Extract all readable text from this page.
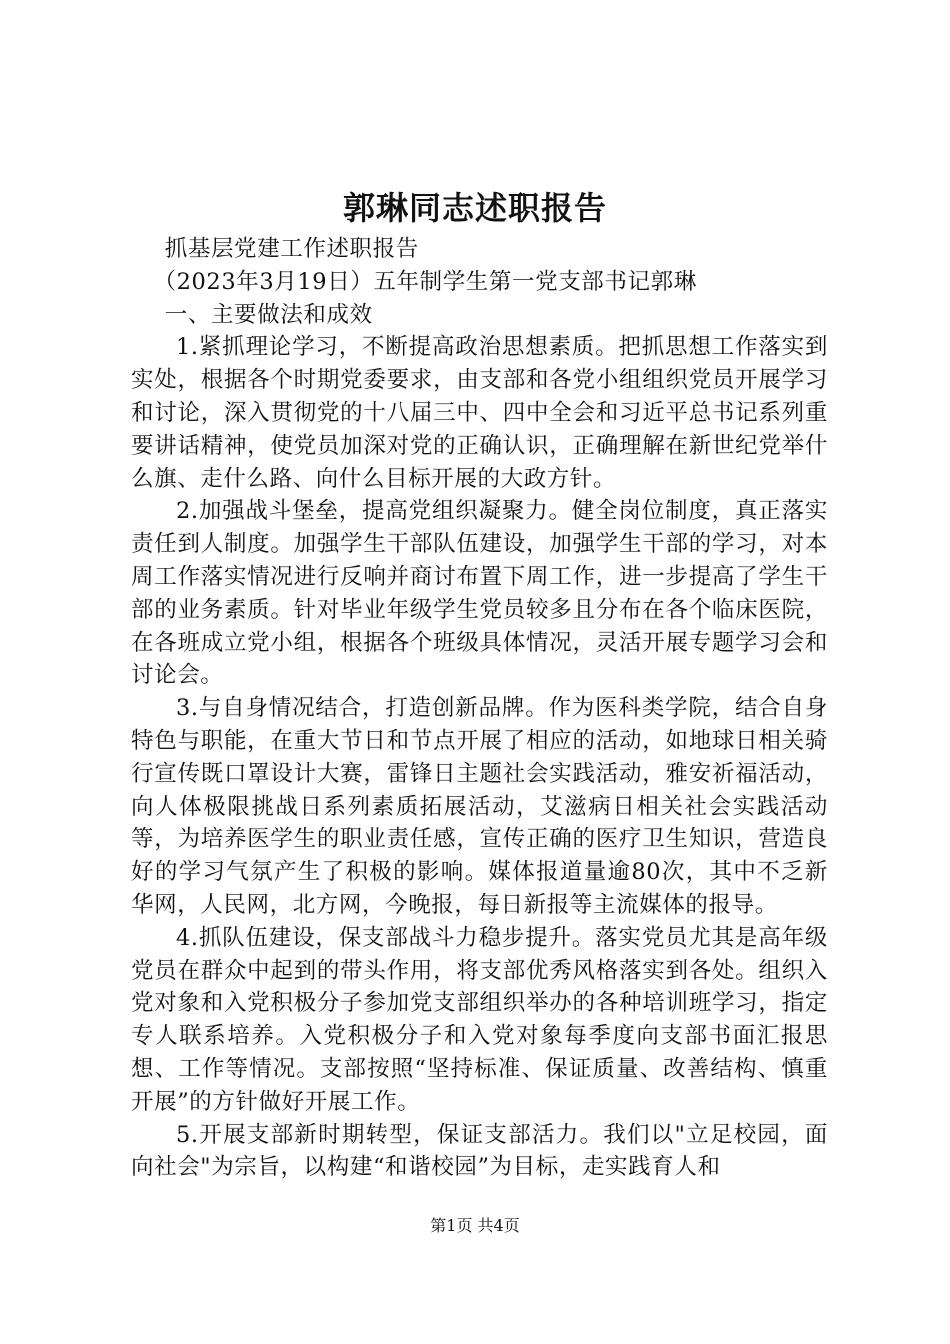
郭琳同志述职报告

抓基层党建工作述职报告

（2023年3月19日）五年制学生第一党支部书记郭琳

一、主要做法和成效

1.紧抓理论学习，不断提高政治思想素质。把抓思想工作落实到实处，根据各个时期党委要求，由支部和各党小组组织党员开展学习和讨论，深入贯彻党的十八届三中、四中全会和习近平总书记系列重要讲话精神，使党员加深对党的正确认识，正确理解在新世纪党举什么旗、走什么路、向什么目标开展的大政方针。

2.加强战斗堡垒，提高党组织凝聚力。健全岗位制度，真正落实责任到人制度。加强学生干部队伍建设，加强学生干部的学习，对本周工作落实情况进行反响并商讨布置下周工作，进一步提高了学生干部的业务素质。针对毕业年级学生党员较多且分布在各个临床医院，在各班成立党小组，根据各个班级具体情况，灵活开展专题学习会和讨论会。

3.与自身情况结合，打造创新品牌。作为医科类学院，结合自身特色与职能，在重大节日和节点开展了相应的活动，如地球日相关骑行宣传既口罩设计大赛，雷锋日主题社会实践活动，雅安祈福活动，向人体极限挑战日系列素质拓展活动，艾滋病日相关社会实践活动等，为培养医学生的职业责任感，宣传正确的医疗卫生知识，营造良好的学习气氛产生了积极的影响。媒体报道量逾80次，其中不乏新华网，人民网，北方网，今晚报，每日新报等主流媒体的报导。

4.抓队伍建设，保支部战斗力稳步提升。落实党员尤其是高年级党员在群众中起到的带头作用，将支部优秀风格落实到各处。组织入党对象和入党积极分子参加党支部组织举办的各种培训班学习，指定专人联系培养。入党积极分子和入党对象每季度向支部书面汇报思想、工作等情况。支部按照“坚持标准、保证质量、改善结构、慎重开展”的方针做好开展工作。

5.开展支部新时期转型，保证支部活力。我们以"立足校园，面向社会"为宗旨，以构建“和谐校园”为目标，走实践育人和

第1页 共4页
